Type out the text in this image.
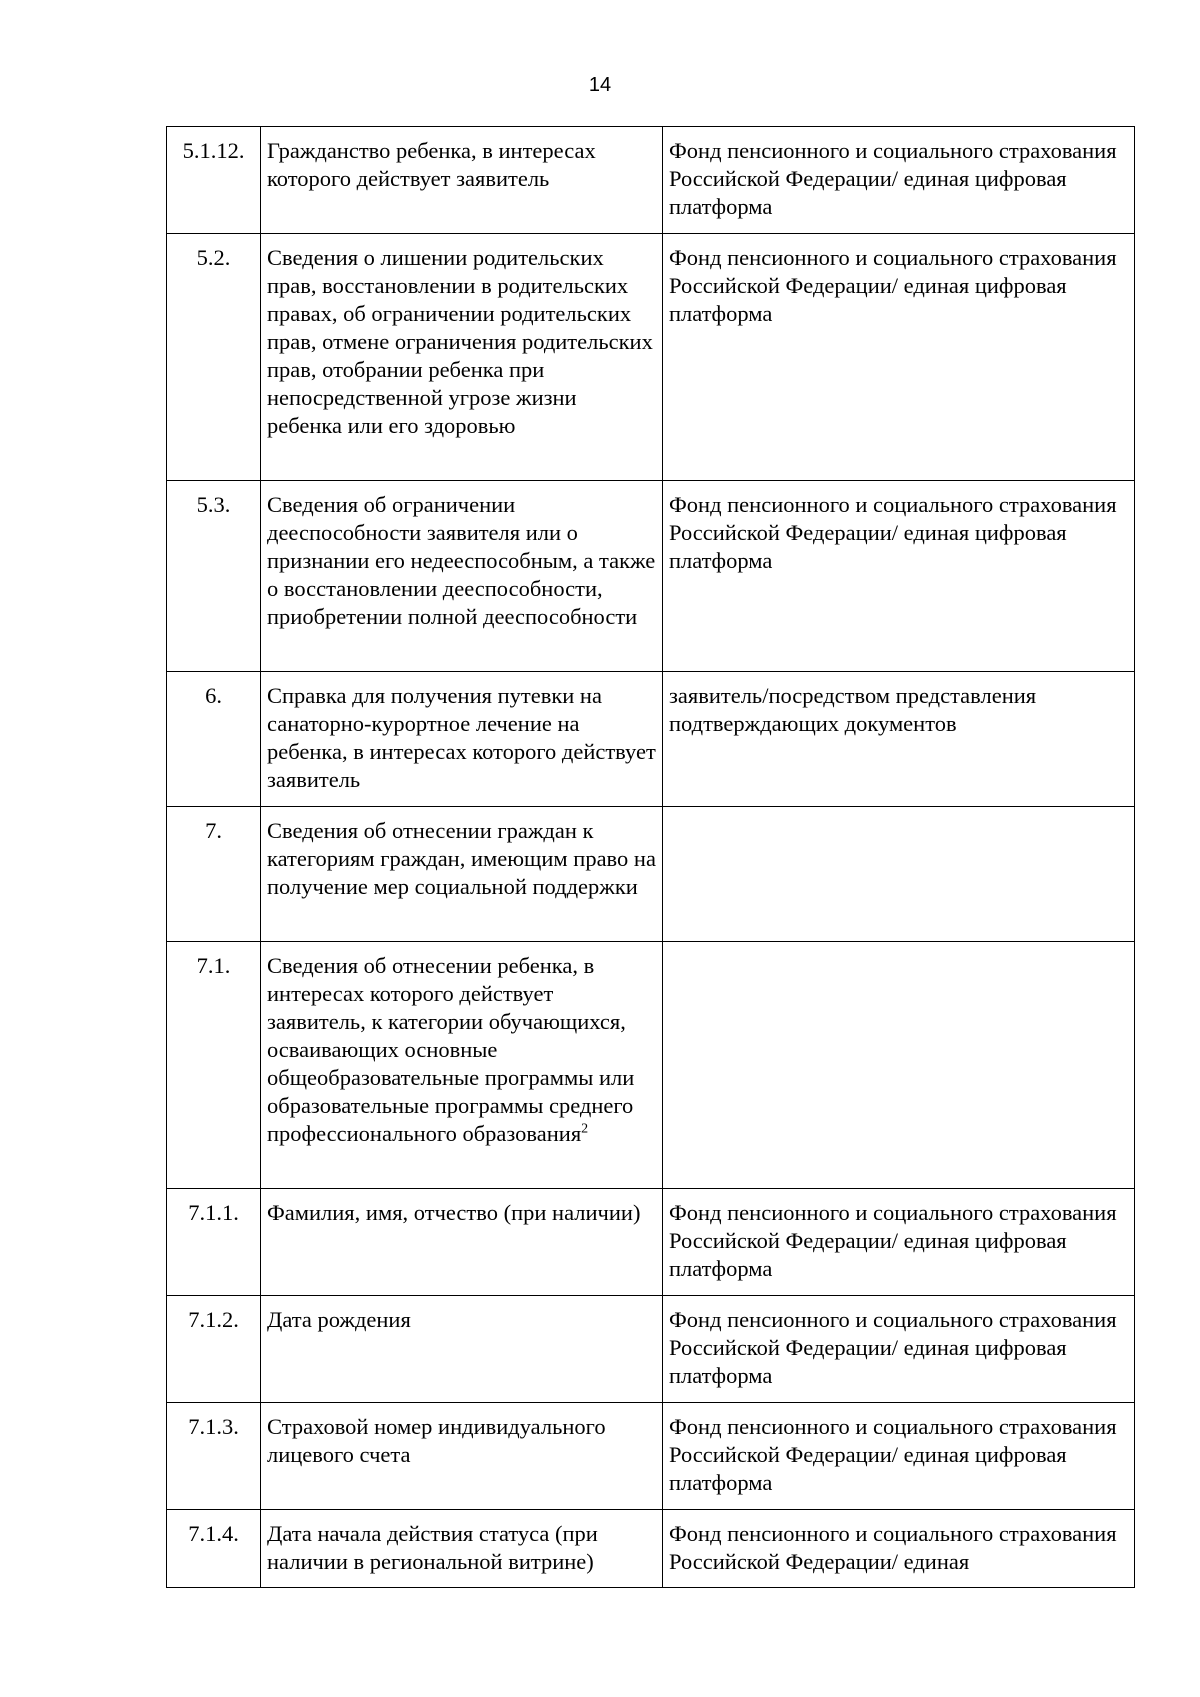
14
5.1.12.	Гражданство ребенка, в интересах которого действует заявитель	Фонд пенсионного и социального страхования Российской Федерации/ единая цифровая платформа
5.2.	Сведения о лишении родительских прав, восстановлении в родительских правах, об ограничении родительских прав, отмене ограничения родительских прав, отобрании ребенка при непосредственной угрозе жизни ребенка или его здоровью	Фонд пенсионного и социального страхования Российской Федерации/ единая цифровая платформа
5.3.	Сведения об ограничении дееспособности заявителя или о признании его недееспособным, а также о восстановлении дееспособности, приобретении полной дееспособности	Фонд пенсионного и социального страхования Российской Федерации/ единая цифровая платформа
6.	Справка для получения путевки на санаторно-курортное лечение на ребенка, в интересах которого действует заявитель	заявитель/посредством представления подтверждающих документов
7.	Сведения об отнесении граждан к категориям граждан, имеющим право на получение мер социальной поддержки	
7.1.	Сведения об отнесении ребенка, в интересах которого действует заявитель, к категории обучающихся, осваивающих основные общеобразовательные программы или образовательные программы среднего профессионального образования$^2$	
7.1.1.	Фамилия, имя, отчество (при наличии)	Фонд пенсионного и социального страхования Российской Федерации/ единая цифровая платформа
7.1.2.	Дата рождения	Фонд пенсионного и социального страхования Российской Федерации/ единая цифровая платформа
7.1.3.	Страховой номер индивидуального лицевого счета	Фонд пенсионного и социального страхования Российской Федерации/ единая цифровая платформа
7.1.4.	Дата начала действия статуса (при наличии в региональной витрине)	Фонд пенсионного и социального страхования Российской Федерации/ единая
